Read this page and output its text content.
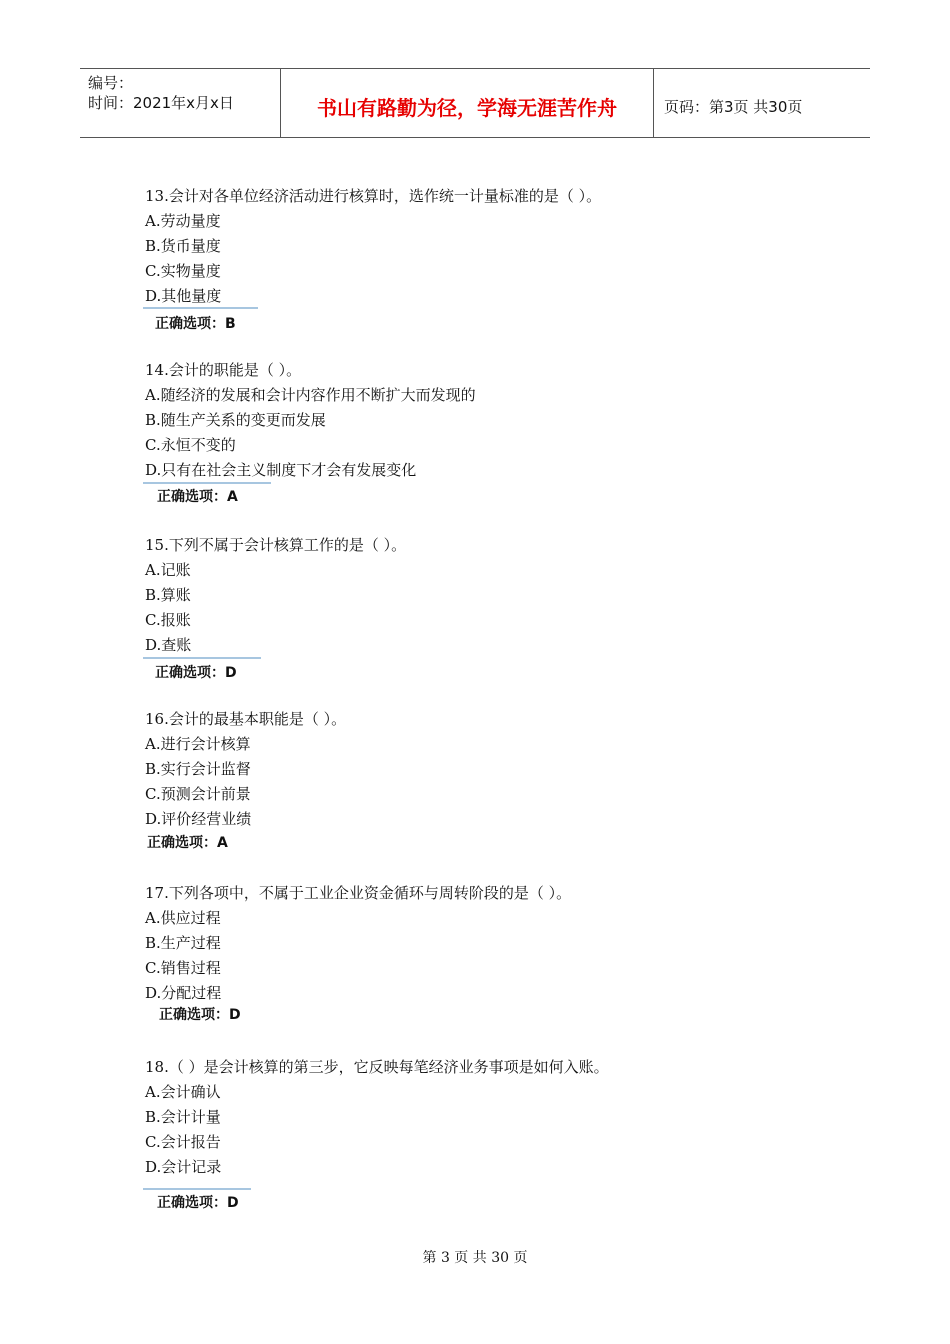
编号：
时间：2021年x月x日	书山有路勤为径，学海无涯苦作舟	页码：第3页 共30页
13.会计对各单位经济活动进行核算时，选作统一计量标准的是（ ）。
A.劳动量度
B.货币量度
C.实物量度
D.其他量度
正确选项：B
14.会计的职能是（ ）。
A.随经济的发展和会计内容作用不断扩大而发现的
B.随生产关系的变更而发展
C.永恒不变的
D.只有在社会主义制度下才会有发展变化
正确选项：A
15.下列不属于会计核算工作的是（ ）。
A.记账
B.算账
C.报账
D.查账
正确选项：D
16.会计的最基本职能是（ ）。
A.进行会计核算
B.实行会计监督
C.预测会计前景
D.评价经营业绩
正确选项：A
17.下列各项中，不属于工业企业资金循环与周转阶段的是（ ）。
A.供应过程
B.生产过程
C.销售过程
D.分配过程
正确选项：D
18.（ ）是会计核算的第三步，它反映每笔经济业务事项是如何入账。
A.会计确认
B.会计计量
C.会计报告
D.会计记录
正确选项：D
第 3 页 共 30 页
